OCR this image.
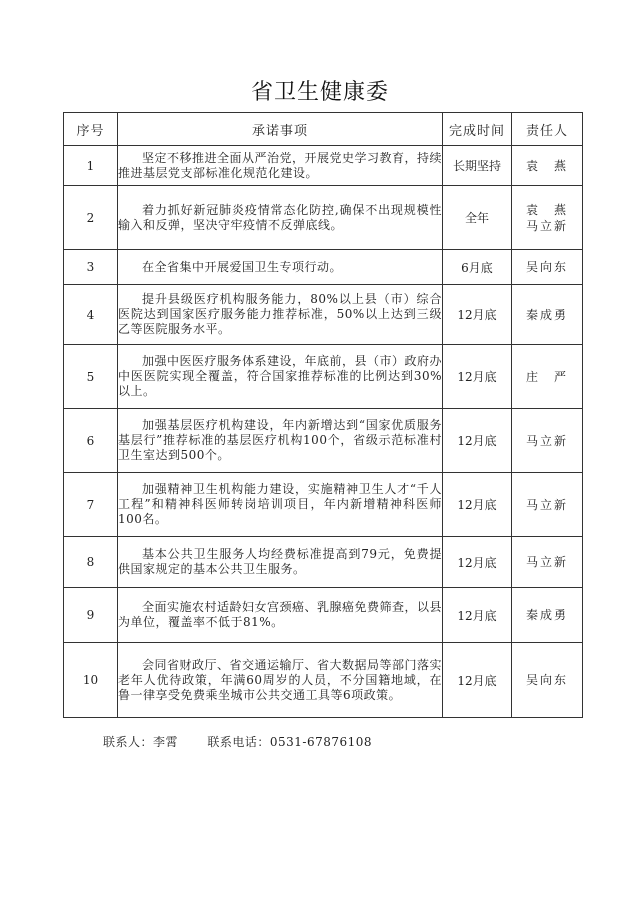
省卫生健康委
序号	承诺事项	完成时间	责任人
1	坚定不移推进全面从严治党，开展党史学习教育，持续推进基层党支部标准化规范化建设。	长期坚持	袁　燕

2	着力抓好新冠肺炎疫情常态化防控,确保不出现规模性输入和反弹，坚决守牢疫情不反弹底线。	全年	袁　燕
马立新

3	在全省集中开展爱国卫生专项行动。	6月底	吴向东

4	提升县级医疗机构服务能力，80%以上县（市）综合医院达到国家医疗服务能力推荐标准，50%以上达到三级乙等医院服务水平。	12月底	秦成勇

5	加强中医医疗服务体系建设，年底前，县（市）政府办中医医院实现全覆盖，符合国家推荐标准的比例达到30%以上。	12月底	庄　严

6	加强基层医疗机构建设，年内新增达到“国家优质服务基层行”推荐标准的基层医疗机构100个，省级示范标准村卫生室达到500个。	12月底	马立新

7	加强精神卫生机构能力建设，实施精神卫生人才“千人工程”和精神科医师转岗培训项目，年内新增精神科医师100名。	12月底	马立新

8	基本公共卫生服务人均经费标准提高到79元，免费提供国家规定的基本公共卫生服务。	12月底	马立新

9	全面实施农村适龄妇女宫颈癌、乳腺癌免费筛查，以县为单位，覆盖率不低于81%。	12月底	秦成勇

10	会同省财政厅、省交通运输厅、省大数据局等部门落实老年人优待政策，年满60周岁的人员，不分国籍地域，在鲁一律享受免费乘坐城市公共交通工具等6项政策。	12月底	吴向东
联系人：李霄　　 联系电话：0531-67876108
